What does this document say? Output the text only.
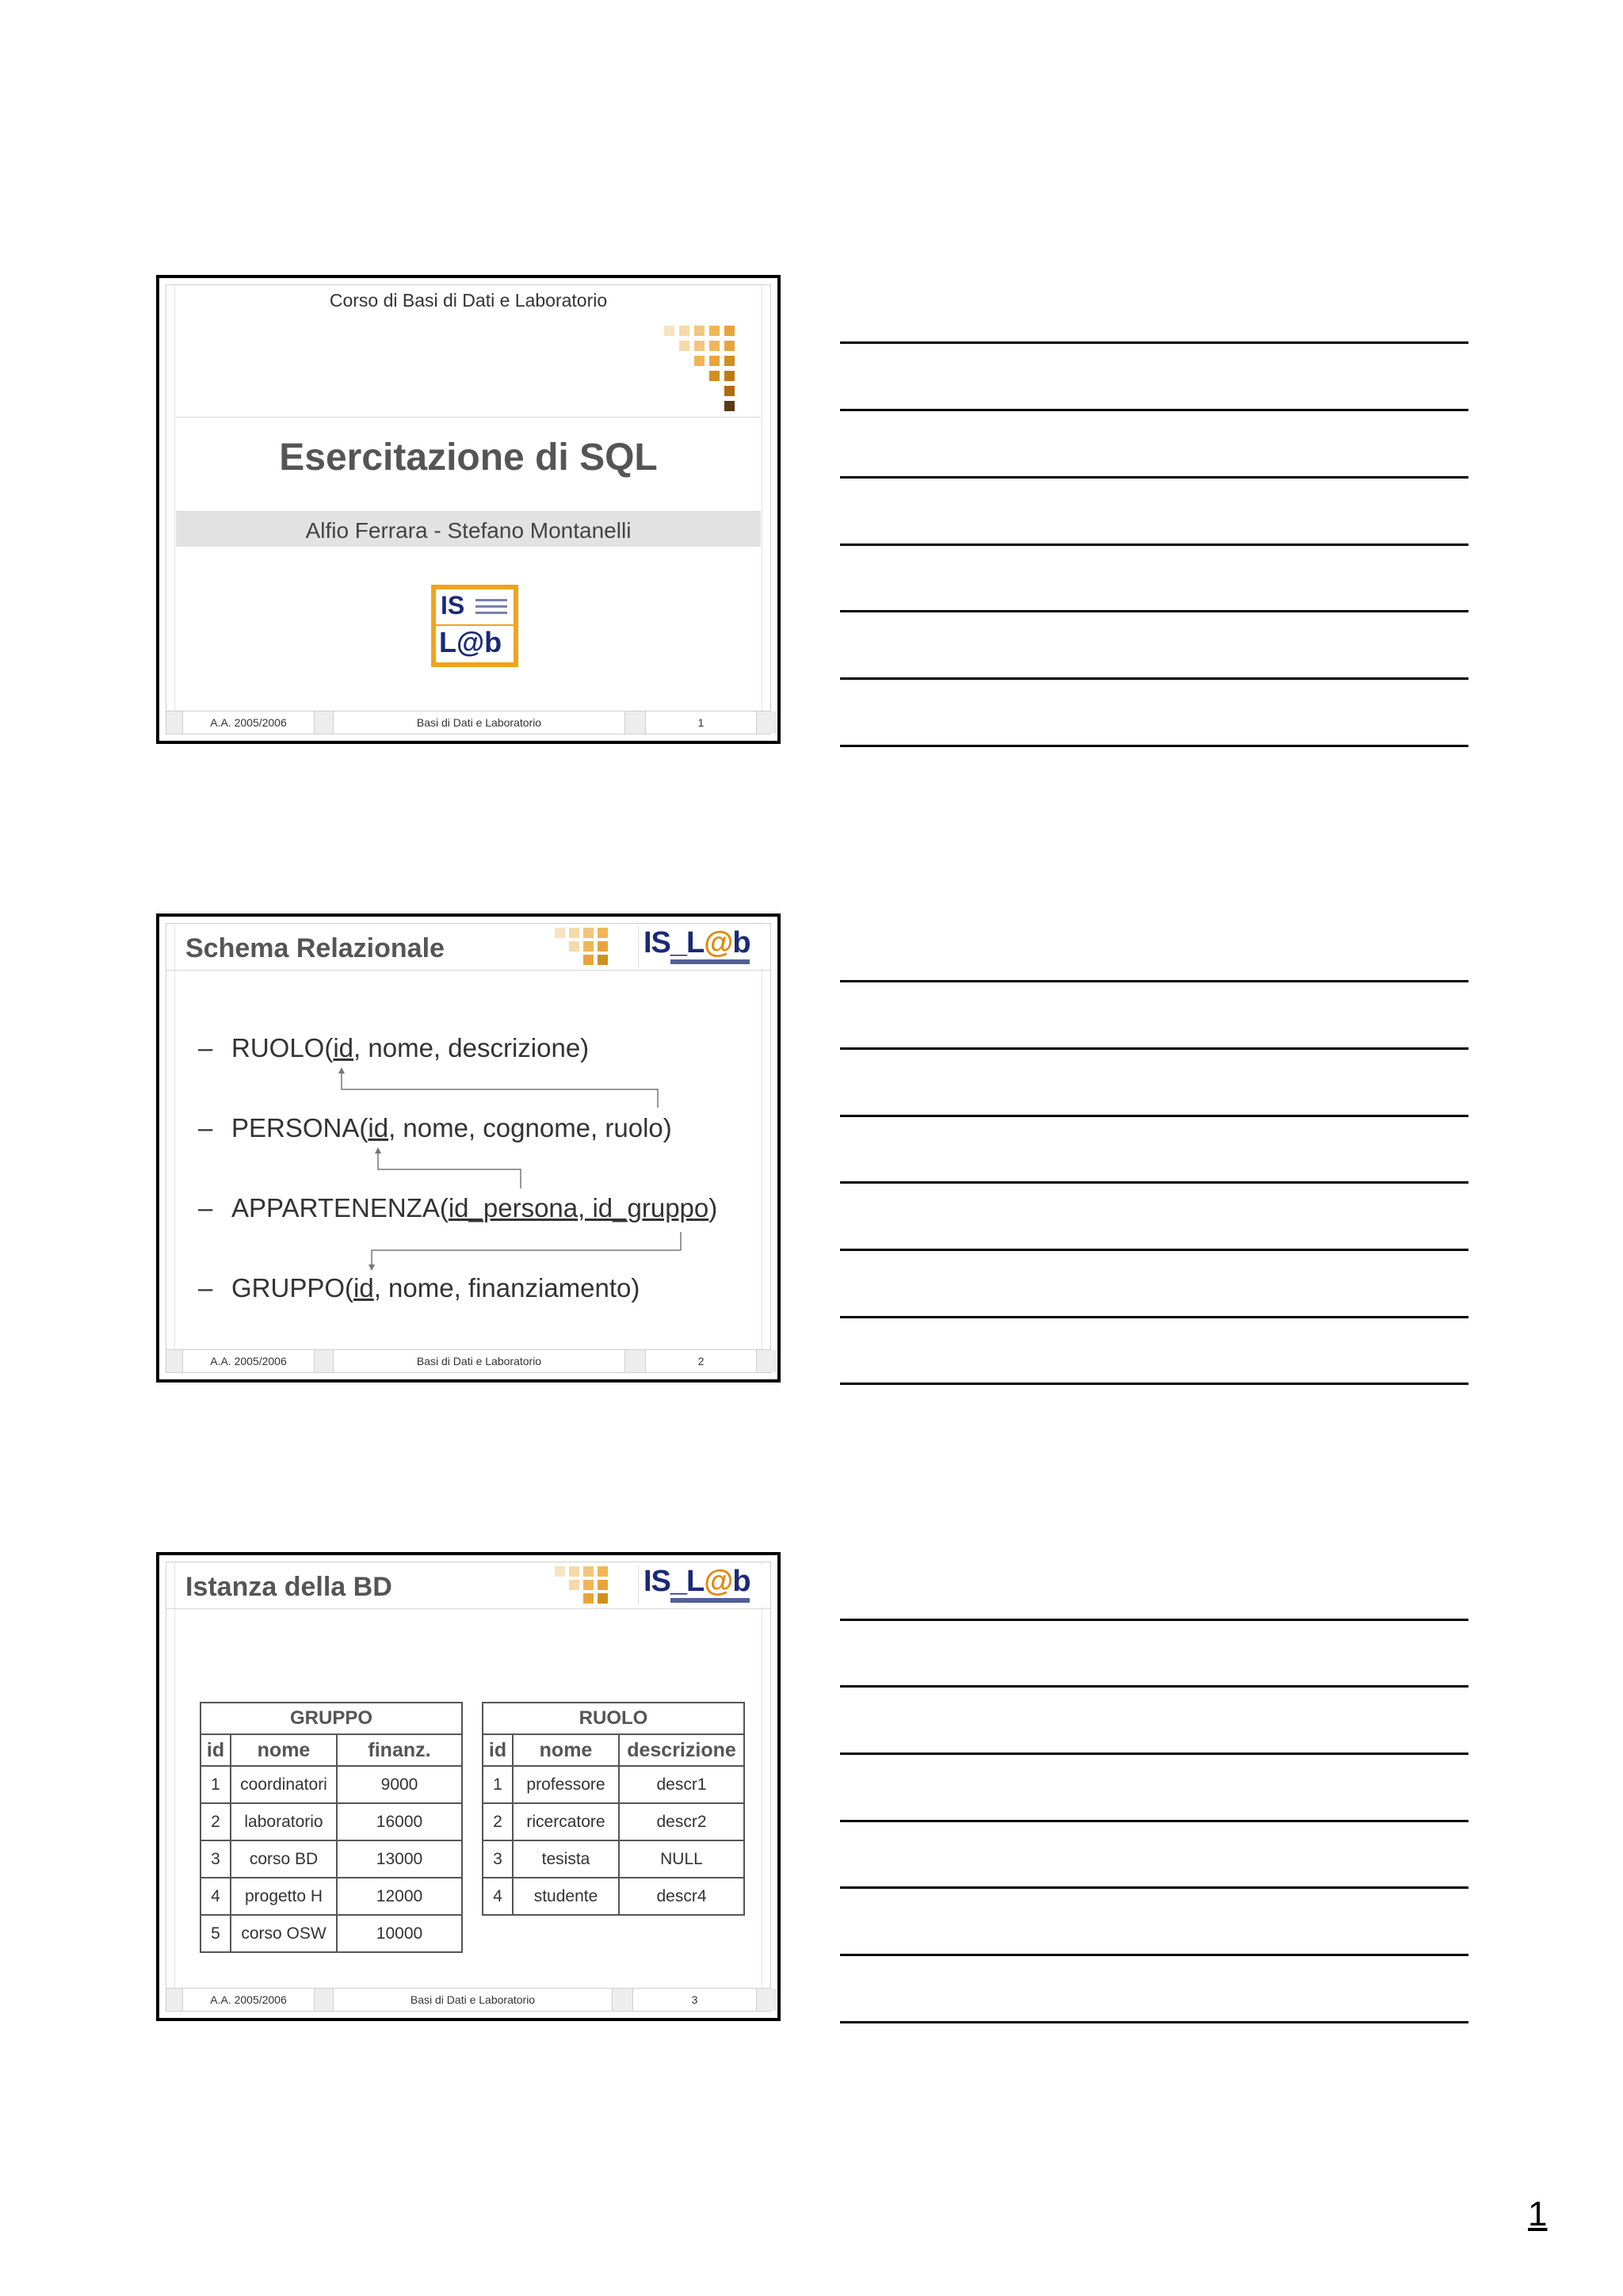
Corso di Basi di Dati e Laboratorio
Esercitazione di SQL
Alfio Ferrara - Stefano Montanelli
IS
L@b
A.A. 2005/2006	Basi di Dati e Laboratorio	1
Schema Relazionale	IS_L@b
– RUOLO(id, nome, descrizione)
– PERSONA(id, nome, cognome, ruolo)
– APPARTENENZA(id_persona, id_gruppo)
– GRUPPO(id, nome, finanziamento)
A.A. 2005/2006	Basi di Dati e Laboratorio	2
Istanza della BD	IS_L@b
GRUPPO		
id	nome	finanz.
1	coordinatori	9000
2	laboratorio	16000
3	corso BD	13000
4	progetto H	12000
5	corso OSW	10000
RUOLO		
id	nome	descrizione
1	professore	descr1
2	ricercatore	descr2
3	tesista	NULL
4	studente	descr4
A.A. 2005/2006	Basi di Dati e Laboratorio	3
1
